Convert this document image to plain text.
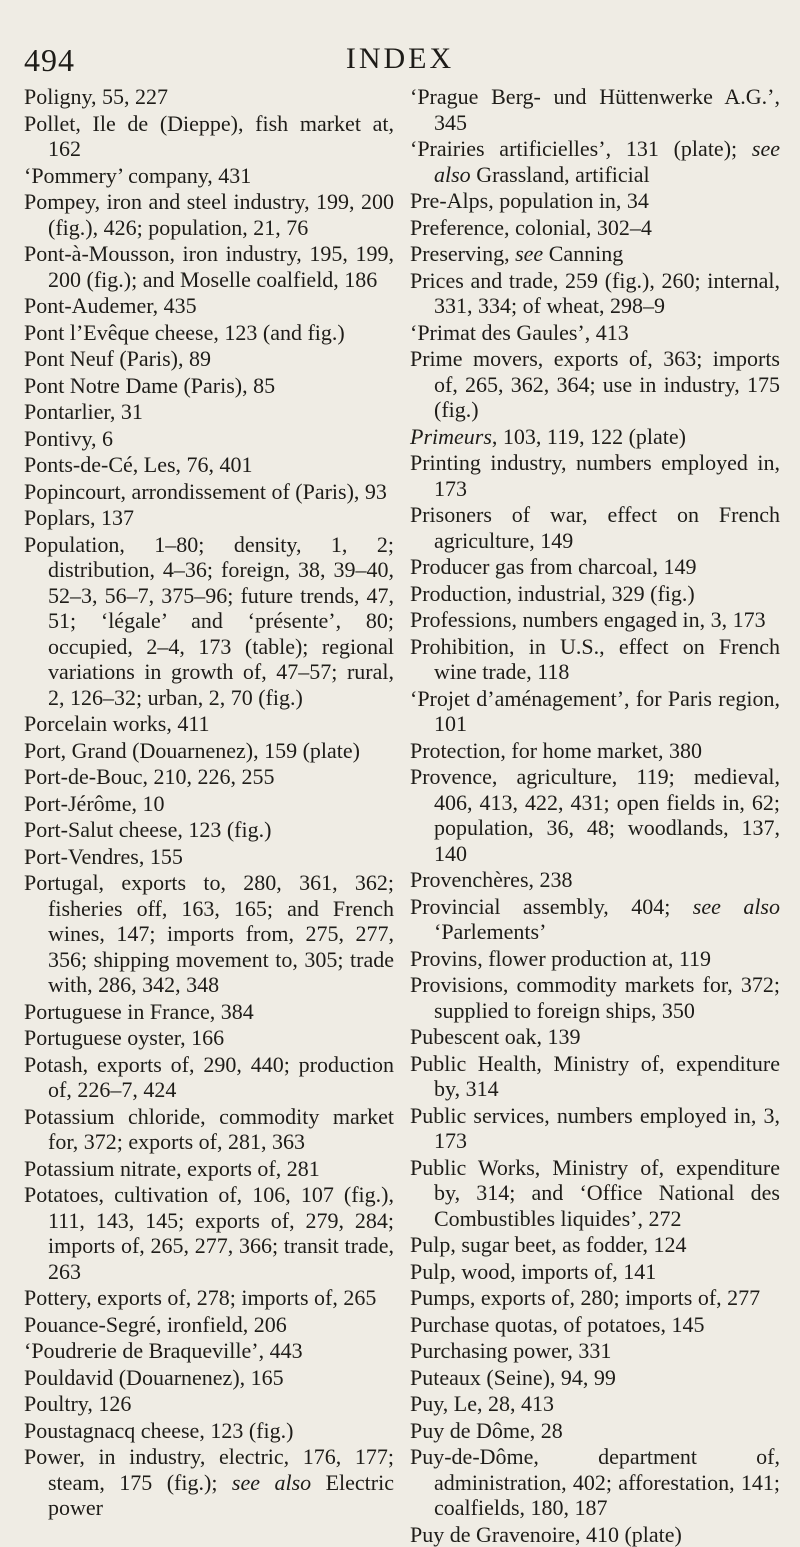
494	INDEX

Poligny, 55, 227

Pollet, Ile de (Dieppe), fish market at, 162

‘Pommery’ company, 431

Pompey, iron and steel industry, 199, 200 (fig.), 426; population, 21, 76

Pont-à-Mousson, iron industry, 195, 199, 200 (fig.); and Moselle coalfield, 186

Pont-Audemer, 435

Pont l’Evêque cheese, 123 (and fig.)

Pont Neuf (Paris), 89

Pont Notre Dame (Paris), 85

Pontarlier, 31

Pontivy, 6

Ponts-de-Cé, Les, 76, 401

Popincourt, arrondissement of (Paris), 93

Poplars, 137

Population, 1–80; density, 1, 2; distribution, 4–36; foreign, 38, 39–40, 52–3, 56–7, 375–96; future trends, 47, 51; ‘légale’ and ‘présente’, 80; occupied, 2–4, 173 (table); regional variations in growth of, 47–57; rural, 2, 126–32; urban, 2, 70 (fig.)

Porcelain works, 411

Port, Grand (Douarnenez), 159 (plate)

Port-de-Bouc, 210, 226, 255

Port-Jérôme, 10

Port-Salut cheese, 123 (fig.)

Port-Vendres, 155

Portugal, exports to, 280, 361, 362; fisheries off, 163, 165; and French wines, 147; imports from, 275, 277, 356; shipping movement to, 305; trade with, 286, 342, 348

Portuguese in France, 384

Portuguese oyster, 166

Potash, exports of, 290, 440; production of, 226–7, 424

Potassium chloride, commodity market for, 372; exports of, 281, 363

Potassium nitrate, exports of, 281

Potatoes, cultivation of, 106, 107 (fig.), 111, 143, 145; exports of, 279, 284; imports of, 265, 277, 366; transit trade, 263

Pottery, exports of, 278; imports of, 265

Pouance-Segré, ironfield, 206

‘Poudrerie de Braqueville’, 443

Pouldavid (Douarnenez), 165

Poultry, 126

Poustagnacq cheese, 123 (fig.)

Power, in industry, electric, 176, 177; steam, 175 (fig.); see also Electric power

‘Prague Berg- und Hüttenwerke A.G.’, 345

‘Prairies artificielles’, 131 (plate); see also Grassland, artificial

Pre-Alps, population in, 34

Preference, colonial, 302–4

Preserving, see Canning

Prices and trade, 259 (fig.), 260; internal, 331, 334; of wheat, 298–9

‘Primat des Gaules’, 413

Prime movers, exports of, 363; imports of, 265, 362, 364; use in industry, 175 (fig.)

Primeurs, 103, 119, 122 (plate)

Printing industry, numbers employed in, 173

Prisoners of war, effect on French agriculture, 149

Producer gas from charcoal, 149

Production, industrial, 329 (fig.)

Professions, numbers engaged in, 3, 173

Prohibition, in U.S., effect on French wine trade, 118

‘Projet d’aménagement’, for Paris region, 101

Protection, for home market, 380

Provence, agriculture, 119; medieval, 406, 413, 422, 431; open fields in, 62; population, 36, 48; woodlands, 137, 140

Provenchères, 238

Provincial assembly, 404; see also ‘Parlements’

Provins, flower production at, 119

Provisions, commodity markets for, 372; supplied to foreign ships, 350

Pubescent oak, 139

Public Health, Ministry of, expenditure by, 314

Public services, numbers employed in, 3, 173

Public Works, Ministry of, expenditure by, 314; and ‘Office National des Combustibles liquides’, 272

Pulp, sugar beet, as fodder, 124

Pulp, wood, imports of, 141

Pumps, exports of, 280; imports of, 277

Purchase quotas, of potatoes, 145

Purchasing power, 331

Puteaux (Seine), 94, 99

Puy, Le, 28, 413

Puy de Dôme, 28

Puy-de-Dôme, department of, administration, 402; afforestation, 141; coalfields, 180, 187

Puy de Gravenoire, 410 (plate)
